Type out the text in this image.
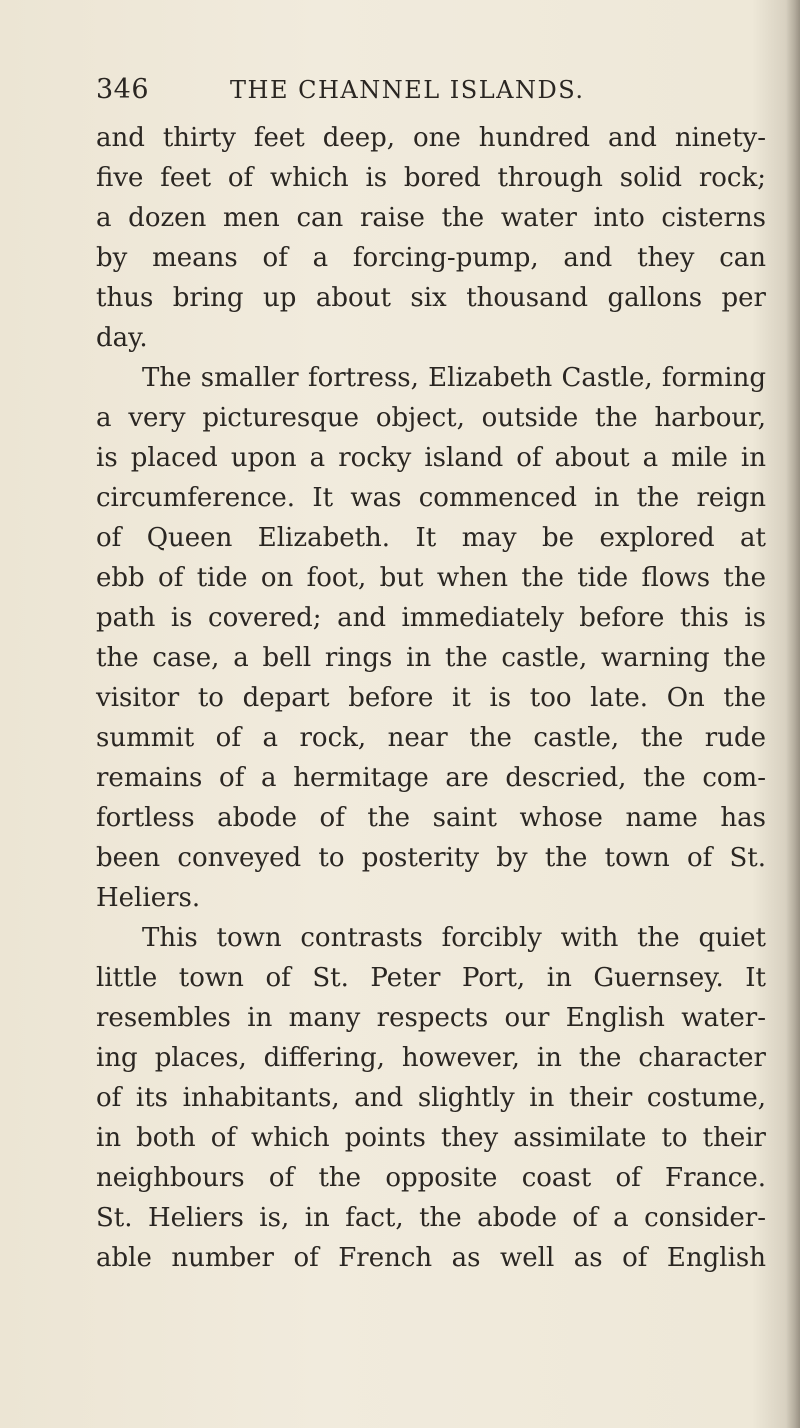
346	THE CHANNEL ISLANDS.
and thirty feet deep, one hundred and ninety-
five feet of which is bored through solid rock;
a dozen men can raise the water into cisterns
by means of a forcing-pump, and they can
thus bring up about six thousand gallons per
day.
The smaller fortress, Elizabeth Castle, forming
a very picturesque object, outside the harbour,
is placed upon a rocky island of about a mile in
circumference. It was commenced in the reign
of Queen Elizabeth. It may be explored at
ebb of tide on foot, but when the tide flows the
path is covered; and immediately before this is
the case, a bell rings in the castle, warning the
visitor to depart before it is too late. On the
summit of a rock, near the castle, the rude
remains of a hermitage are descried, the com-
fortless abode of the saint whose name has
been conveyed to posterity by the town of St.
Heliers.
This town contrasts forcibly with the quiet
little town of St. Peter Port, in Guernsey. It
resembles in many respects our English water-
ing places, differing, however, in the character
of its inhabitants, and slightly in their costume,
in both of which points they assimilate to their
neighbours of the opposite coast of France.
St. Heliers is, in fact, the abode of a consider-
able number of French as well as of English
